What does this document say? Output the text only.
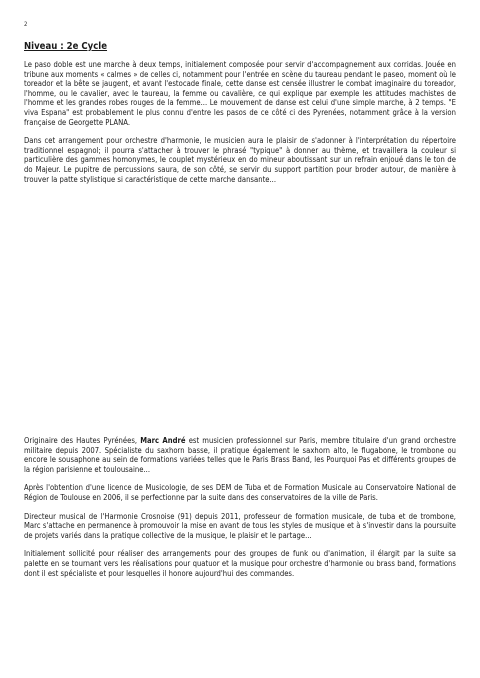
2
Niveau : 2e Cycle

Le paso doble est une marche à deux temps, initialement composée pour servir d'accompagnement aux corridas. Jouée en tribune aux moments « calmes » de celles ci, notamment pour l'entrée en scène du taureau pendant le paseo, moment où le toreador et la bête se jaugent, et avant l'estocade finale, cette danse est censée illustrer le combat imaginaire du toreador, l'homme, ou le cavalier, avec le taureau, la femme ou cavalière, ce qui explique par exemple les attitudes machistes de l'homme et les grandes robes rouges de la femme... Le mouvement de danse est celui d'une simple marche, à 2 temps. "E viva Espana" est probablement le plus connu d'entre les pasos de ce côté ci des Pyrenées, notamment grâce à la version française de Georgette PLANA.

Dans cet arrangement pour orchestre d'harmonie, le musicien aura le plaisir de s'adonner à l'interprétation du répertoire traditionnel espagnol; il pourra s'attacher à trouver le phrasé "typique" à donner au thème, et travaillera la couleur si particulière des gammes homonymes, le couplet mystérieux en do mineur aboutissant sur un refrain enjoué dans le ton de do Majeur. Le pupitre de percussions saura, de son côté, se servir du support partition pour broder autour, de manière à trouver la patte stylistique si caractéristique de cette marche dansante...

Originaire des Hautes Pyrénées, Marc André est musicien professionnel sur Paris, membre titulaire d'un grand orchestre militaire depuis 2007. Spécialiste du saxhorn basse, il pratique également le saxhorn alto, le flugabone, le trombone ou encore le sousaphone au sein de formations variées telles que le Paris Brass Band, les Pourquoi Pas et différents groupes de la région parisienne et toulousaine...

Après l'obtention d'une licence de Musicologie, de ses DEM de Tuba et de Formation Musicale au Conservatoire National de Région de Toulouse en 2006, il se perfectionne par la suite dans des conservatoires de la ville de Paris.

Directeur musical de l'Harmonie Crosnoise (91) depuis 2011, professeur de formation musicale, de tuba et de trombone, Marc s'attache en permanence à promouvoir la mise en avant de tous les styles de musique et à s'investir dans la poursuite de projets variés dans la pratique collective de la musique, le plaisir et le partage...

Initialement sollicité pour réaliser des arrangements pour des groupes de funk ou d'animation, il élargit par la suite sa palette en se tournant vers les réalisations pour quatuor et la musique pour orchestre d'harmonie ou brass band, formations dont il est spécialiste et pour lesquelles il honore aujourd'hui des commandes.
